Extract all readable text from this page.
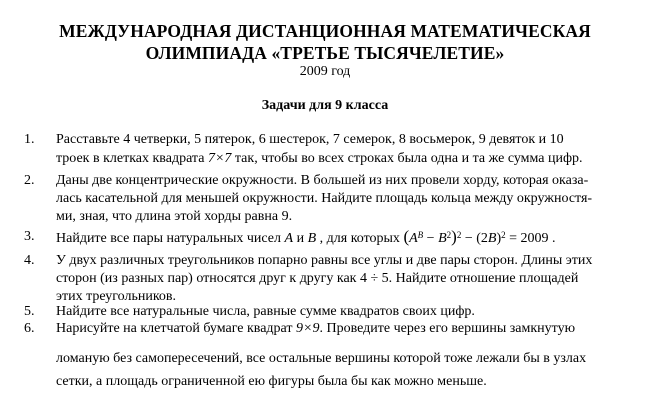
МЕЖДУНАРОДНАЯ ДИСТАНЦИОННАЯ МАТЕМАТИЧЕСКАЯ
ОЛИМПИАДА «ТРЕТЬЕ ТЫСЯЧЕЛЕТИЕ»
2009 год
Задачи для 9 класса
1.	Расставьте 4 четверки, 5 пятерок, 6 шестерок, 7 семерок, 8 восьмерок, 9 девяток и 10
троек в клетках квадрата 7×7 так, чтобы во всех строках была одна и та же сумма цифр.
2.	Даны две концентрические окружности. В большей из них провели хорду, которая оказа-
лась касательной для меньшей окружности. Найдите площадь кольца между окружностя-
ми, зная, что длина этой хорды равна 9.
3.	Найдите все пары натуральных чисел A и B , для которых $(A^B - B^2)^2 - (2B)^2 = 2009$ .
4.	У двух различных треугольников попарно равны все углы и две пары сторон. Длины этих
сторон (из разных пар) относятся друг к другу как 4 ÷ 5. Найдите отношение площадей
этих треугольников.
5.	Найдите все натуральные числа, равные сумме квадратов своих цифр.
6.	Нарисуйте на клетчатой бумаге квадрат 9×9. Проведите через его вершины замкнутую
ломаную без самопересечений, все остальные вершины которой тоже лежали бы в узлах
сетки, а площадь ограниченной ею фигуры была бы как можно меньше.
